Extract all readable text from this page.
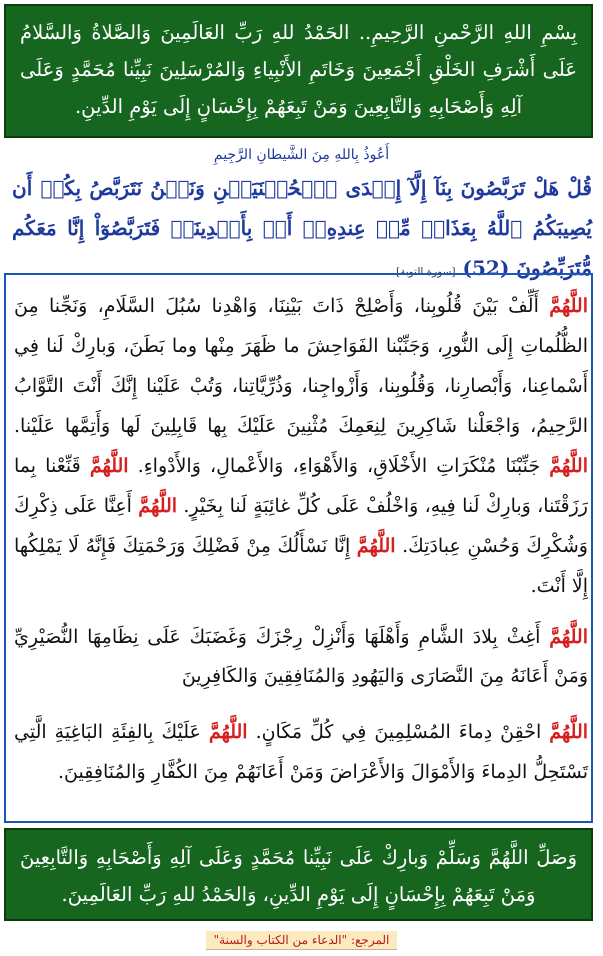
بِسْمِ اللهِ الرَّحْمنِ الرَّحِيمِ.. الحَمْدُ للهِ رَبِّ العَالَمِينَ وَالصَّلاةُ وَالسَّلامُ عَلَى أَشْرَفِ الخَلْقِ أَجْمَعِينَ وَخَاتَمِ الأَنْبِياءِ وَالمُرْسَلِينَ نَبِيِّنا مُحَمَّدٍ وَعَلَى آلِهِ وَأَصْحَابِهِ وَالتَّابِعِينَ وَمَنْ تَبِعَهُمْ بِإِحْسَانٍ إِلَى يَوْمِ الدِّينِ.
أَعُوذُ بِاللهِ مِنَ الشَّيطانِ الرَّجِيمِ
قُلْ هَلْ تَرَبَّصُونَ بِنَآ إِلَّآ إِحۡدَى ٱلۡحُسۡنَيَيۡنِ وَنَحۡنُ نَتَرَبَّصُ بِكُمۡ أَن يُصِيبَكُمُ ٱللَّهُ بِعَذَابٖ مِّنۡ عِندِهِۦٓ أَوۡ بِأَيۡدِينَاۖ فَتَرَبَّصُوٓاْ إِنَّا مَعَكُم مُّتَرَبِّصُونَ (52) [سورة التوبة]
اللَّهُمَّ أَلِّفْ بَيْنَ قُلُوبِنا، وَأَصْلِحْ ذَاتَ بَيْنِنَا، وَاهْدِنا سُبُلَ السَّلَامِ، وَنَجِّنا مِنَ الظُّلُماتِ إِلَى النُّورِ، وَجَنِّبْنا الفَوَاحِشَ ما ظَهَرَ مِنْها وما بَطَنَ، وَبارِكْ لَنا فِي أَسْماعِنا، وَأَبْصارِنا، وَقُلُوبِنا، وَأَزْواجِنا، وَذُرِّيَّاتِنا، وَتُبْ عَلَيْنا إِنَّكَ أَنْتَ التَّوَّابُ الرَّحِيمُ، وَاجْعَلْنا شَاكِرِينَ لِنِعَمِكَ مُثْنِينَ عَلَيْكَ بِها قَابِلِينَ لَها وَأَتِمَّها عَلَيْنا. اللَّهُمَّ جَنِّبْنَا مُنْكَرَاتِ الأَخْلَاقِ، وَالأَهْوَاءِ، وَالأَعْمالِ، وَالأَدْواءِ. اللَّهُمَّ قَنِّعْنا بِما رَزَقْتَنا، وَبارِكْ لَنا فِيهِ، وَاخْلُفْ عَلَى كُلِّ غائِبَةٍ لَنا بِخَيْرٍ. اللَّهُمَّ أَعِنَّا عَلَى ذِكْرِكَ وَشُكْرِكَ وَحُسْنِ عِبادَتِكَ. اللَّهُمَّ إِنَّا نَسْأَلُكَ مِنْ فَضْلِكَ وَرَحْمَتِكَ فَإِنَّهُ لَا يَمْلِكُها إِلَّا أَنْتَ.
اللَّهُمَّ أَغِثْ بِلادَ الشَّامِ وَأَهْلَهَا وَأَنْزِلْ رِجْزَكَ وَغَضَبَكَ عَلَى نِظَامِهَا النُّصَيْرِيِّ وَمَنْ أَعَانَهُ مِنَ النَّصَارَى وَاليَهُودِ وَالمُنَافِقِينَ وَالكَافِرِينَ
اللَّهُمَّ احْقِنْ دِماءَ المُسْلِمِينَ فِي كُلِّ مَكَانٍ. اللَّهُمَّ عَلَيْكَ بِالفِئَةِ البَاغِيَةِ الَّتِي تَسْتَحِلُّ الدِماءَ وَالأَمْوَالَ وَالأَعْرَاضَ وَمَنْ أَعَانَهُمْ مِنَ الكُفَّارِ وَالمُنَافِقِينَ.
وَصَلِّ اللَّهُمَّ وَسَلِّمْ وَبارِكْ عَلَى نَبِيِّنا مُحَمَّدٍ وَعَلَى آلِهِ وَأَصْحَابِهِ وَالتَّابِعِينَ وَمَنْ تَبِعَهُمْ بِإِحْسَانٍ إِلَى يَوْمِ الدِّينِ، وَالحَمْدُ للهِ رَبِّ العَالَمِينَ.
المرجع: "الدعاء من الكتاب والسنة"
